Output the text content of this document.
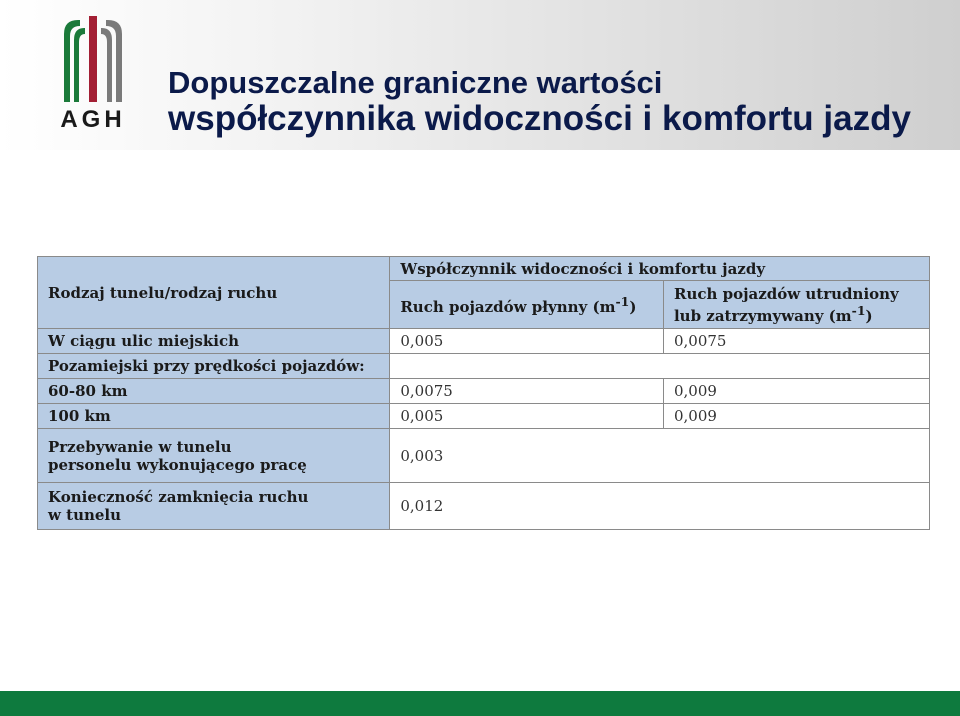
AGH
Dopuszczalne graniczne wartości
współczynnika widoczności i komfortu jazdy
Rodzaj tunelu/rodzaj ruchu	Współczynnik widoczności i komfortu jazdy	
	Ruch pojazdów płynny $(m^{-1})$	Ruch pojazdów utrudniony
lub zatrzymywany $(m^{-1})$
W ciągu ulic miejskich	0,005	0,0075
Pozamiejski przy prędkości pojazdów:		
60-80 km	0,0075	0,009
100 km	0,005	0,009
Przebywanie w tunelu
personelu wykonującego pracę	0,003	
Konieczność zamknięcia ruchu
w tunelu	0,012	
